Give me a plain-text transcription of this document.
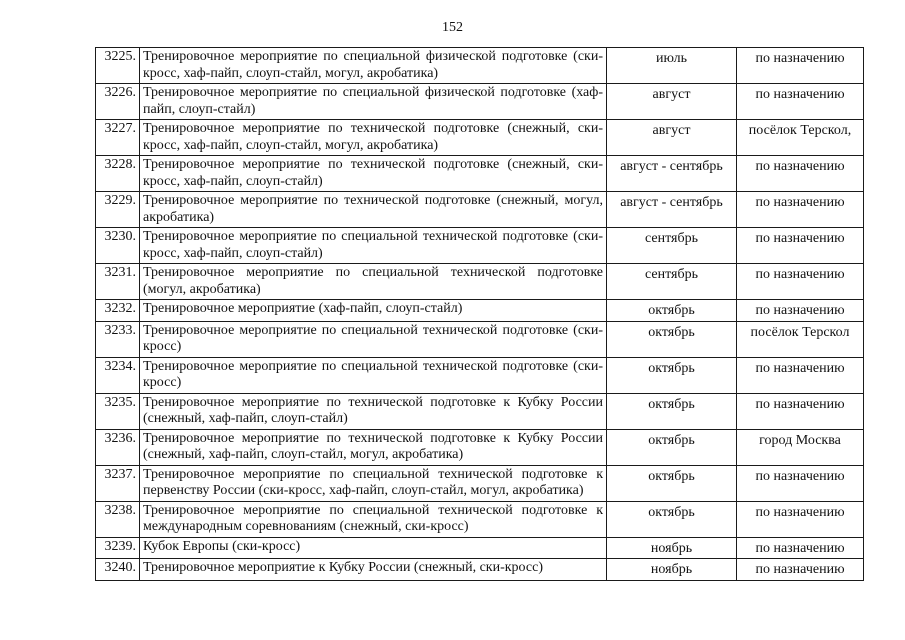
152
3225.	Тренировочное мероприятие по специальной физической подготовке (ски-кросс, хаф-пайп, слоуп-стайл, могул, акробатика)	июль	по назначению
3226.	Тренировочное мероприятие по специальной физической подготовке (хаф-пайп, слоуп-стайл)	август	по назначению
3227.	Тренировочное мероприятие по технической подготовке (снежный, ски-кросс, хаф-пайп, слоуп-стайл, могул, акробатика)	август	посёлок Терскол,
3228.	Тренировочное мероприятие по технической подготовке (снежный, ски-кросс, хаф-пайп, слоуп-стайл)	август - сентябрь	по назначению
3229.	Тренировочное мероприятие по технической подготовке (снежный, могул, акробатика)	август - сентябрь	по назначению
3230.	Тренировочное мероприятие по специальной технической подготовке (ски-кросс, хаф-пайп, слоуп-стайл)	сентябрь	по назначению
3231.	Тренировочное мероприятие по специальной технической подготовке (могул, акробатика)	сентябрь	по назначению
3232.	Тренировочное мероприятие (хаф-пайп, слоуп-стайл)	октябрь	по назначению
3233.	Тренировочное мероприятие по специальной технической подготовке (ски-кросс)	октябрь	посёлок Терскол
3234.	Тренировочное мероприятие по специальной технической подготовке (ски-кросс)	октябрь	по назначению
3235.	Тренировочное мероприятие по технической подготовке к Кубку России (снежный, хаф-пайп, слоуп-стайл)	октябрь	по назначению
3236.	Тренировочное мероприятие по технической подготовке к Кубку России (снежный, хаф-пайп, слоуп-стайл, могул, акробатика)	октябрь	город Москва
3237.	Тренировочное мероприятие по специальной технической подготовке к первенству России (ски-кросс, хаф-пайп, слоуп-стайл, могул, акробатика)	октябрь	по назначению
3238.	Тренировочное мероприятие по специальной технической подготовке к международным соревнованиям (снежный, ски-кросс)	октябрь	по назначению
3239.	Кубок Европы (ски-кросс)	ноябрь	по назначению
3240.	Тренировочное мероприятие к Кубку России (снежный, ски-кросс)	ноябрь	по назначению
